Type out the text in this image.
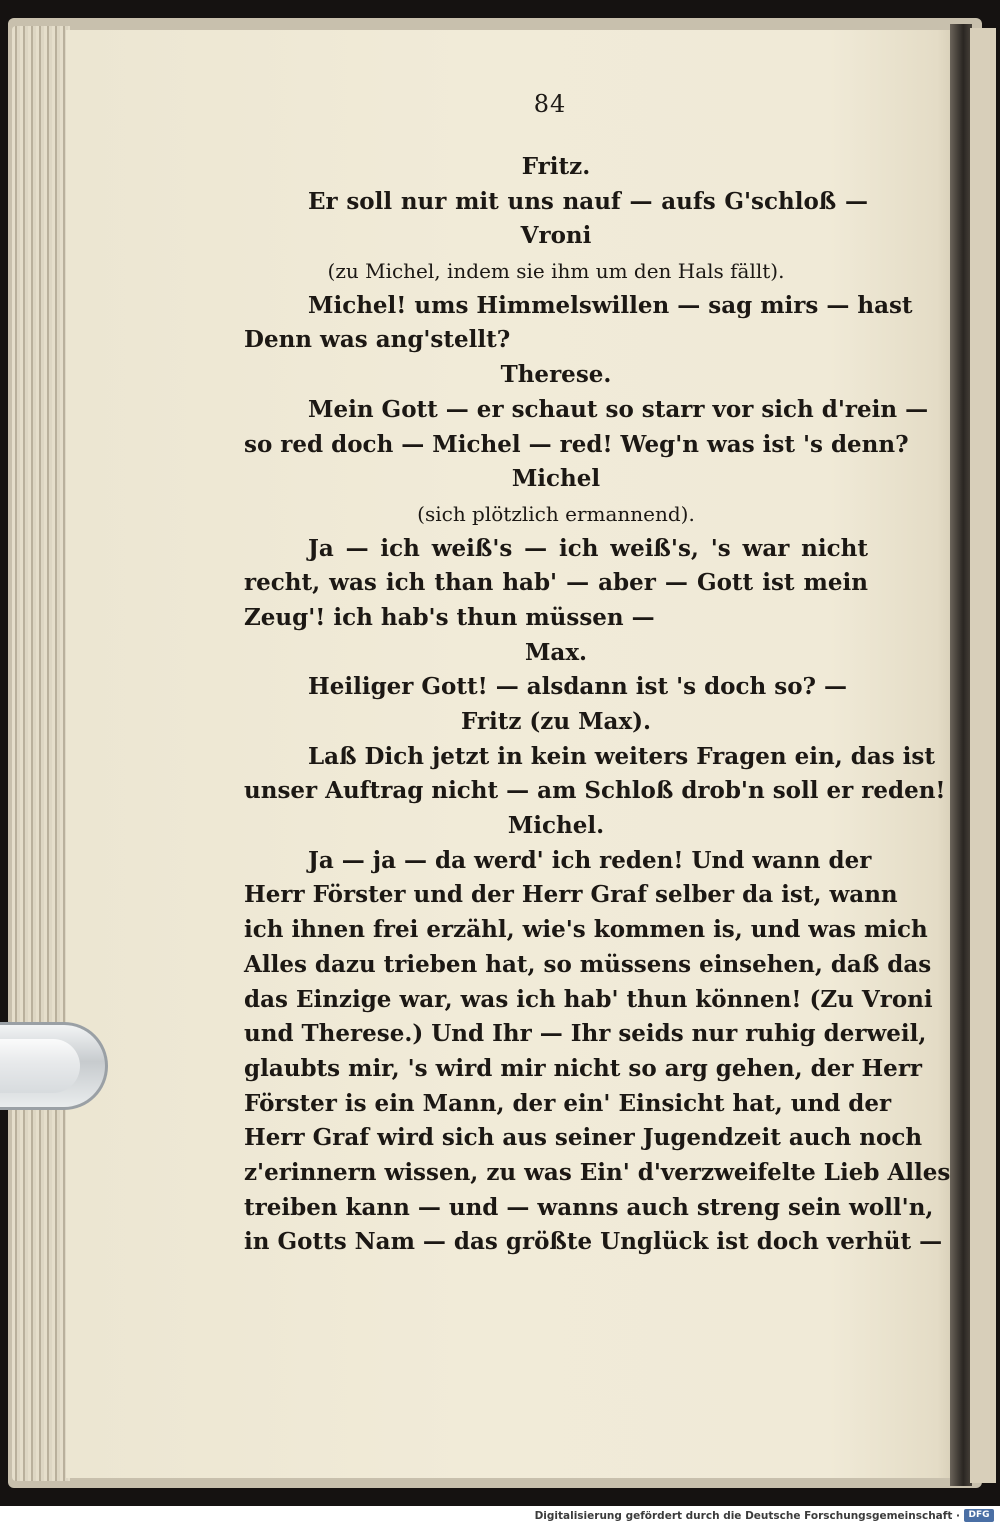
84
Fritz.
Er soll nur mit uns nauf — aufs G'schloß —
Vroni
(zu Michel, indem sie ihm um den Hals fällt).
Michel! ums Himmelswillen — sag mirs — hast
Denn was ang'stellt?
Therese.
Mein Gott — er schaut so starr vor sich d'rein —
so red doch — Michel — red! Weg'n was ist 's denn?
Michel
(sich plötzlich ermannend).
Ja — ich weiß's — ich weiß's, 's war nicht
recht, was ich than hab' — aber — Gott ist mein
Zeug'! ich hab's thun müssen —
Max.
Heiliger Gott! — alsdann ist 's doch so? —
Fritz (zu Max).
Laß Dich jetzt in kein weiters Fragen ein, das ist
unser Auftrag nicht — am Schloß drob'n soll er reden!
Michel.
Ja — ja — da werd' ich reden! Und wann der
Herr Förster und der Herr Graf selber da ist, wann
ich ihnen frei erzähl, wie's kommen is, und was mich
Alles dazu trieben hat, so müssens einsehen, daß das
das Einzige war, was ich hab' thun können! (Zu Vroni
und Therese.) Und Ihr — Ihr seids nur ruhig derweil,
glaubts mir, 's wird mir nicht so arg gehen, der Herr
Förster is ein Mann, der ein' Einsicht hat, und der
Herr Graf wird sich aus seiner Jugendzeit auch noch
z'erinnern wissen, zu was Ein' d'verzweifelte Lieb Alles
treiben kann — und — wanns auch streng sein woll'n,
in Gotts Nam — das größte Unglück ist doch verhüt —
Digitalisierung gefördert durch die Deutsche Forschungsgemeinschaft · DFG
